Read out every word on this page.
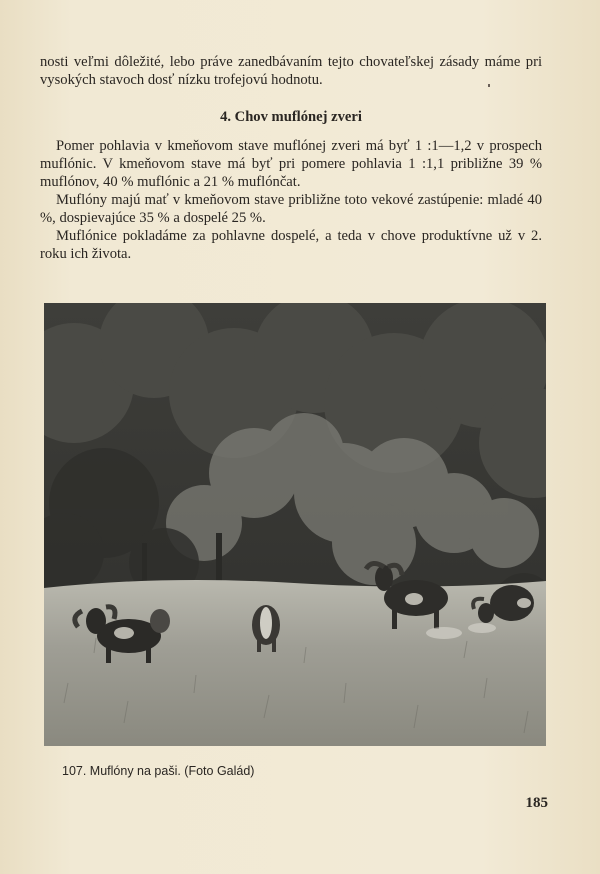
nosti veľmi dôležité, lebo práve zanedbávaním tejto chovateľskej zásady máme pri vysokých stavoch dosť nízku trofejovú hodnotu.

4. Chov muflónej zveri

Pomer pohlavia v kmeňovom stave muflónej zveri má byť 1 :1—1,2 v prospech muflónic. V kmeňovom stave má byť pri pomere pohlavia 1 :1,1 približne 39 % muflónov, 40 % muflónic a 21 % muflónčat.

Muflóny majú mať v kmeňovom stave približne toto vekové zastúpenie: mladé 40 %, dospievajúce 35 % a dospelé 25 %.

Muflónice pokladáme za pohlavne dospelé, a teda v chove produktívne už v 2. roku ich života.

107. Muflóny na paši. (Foto Galád)
185
